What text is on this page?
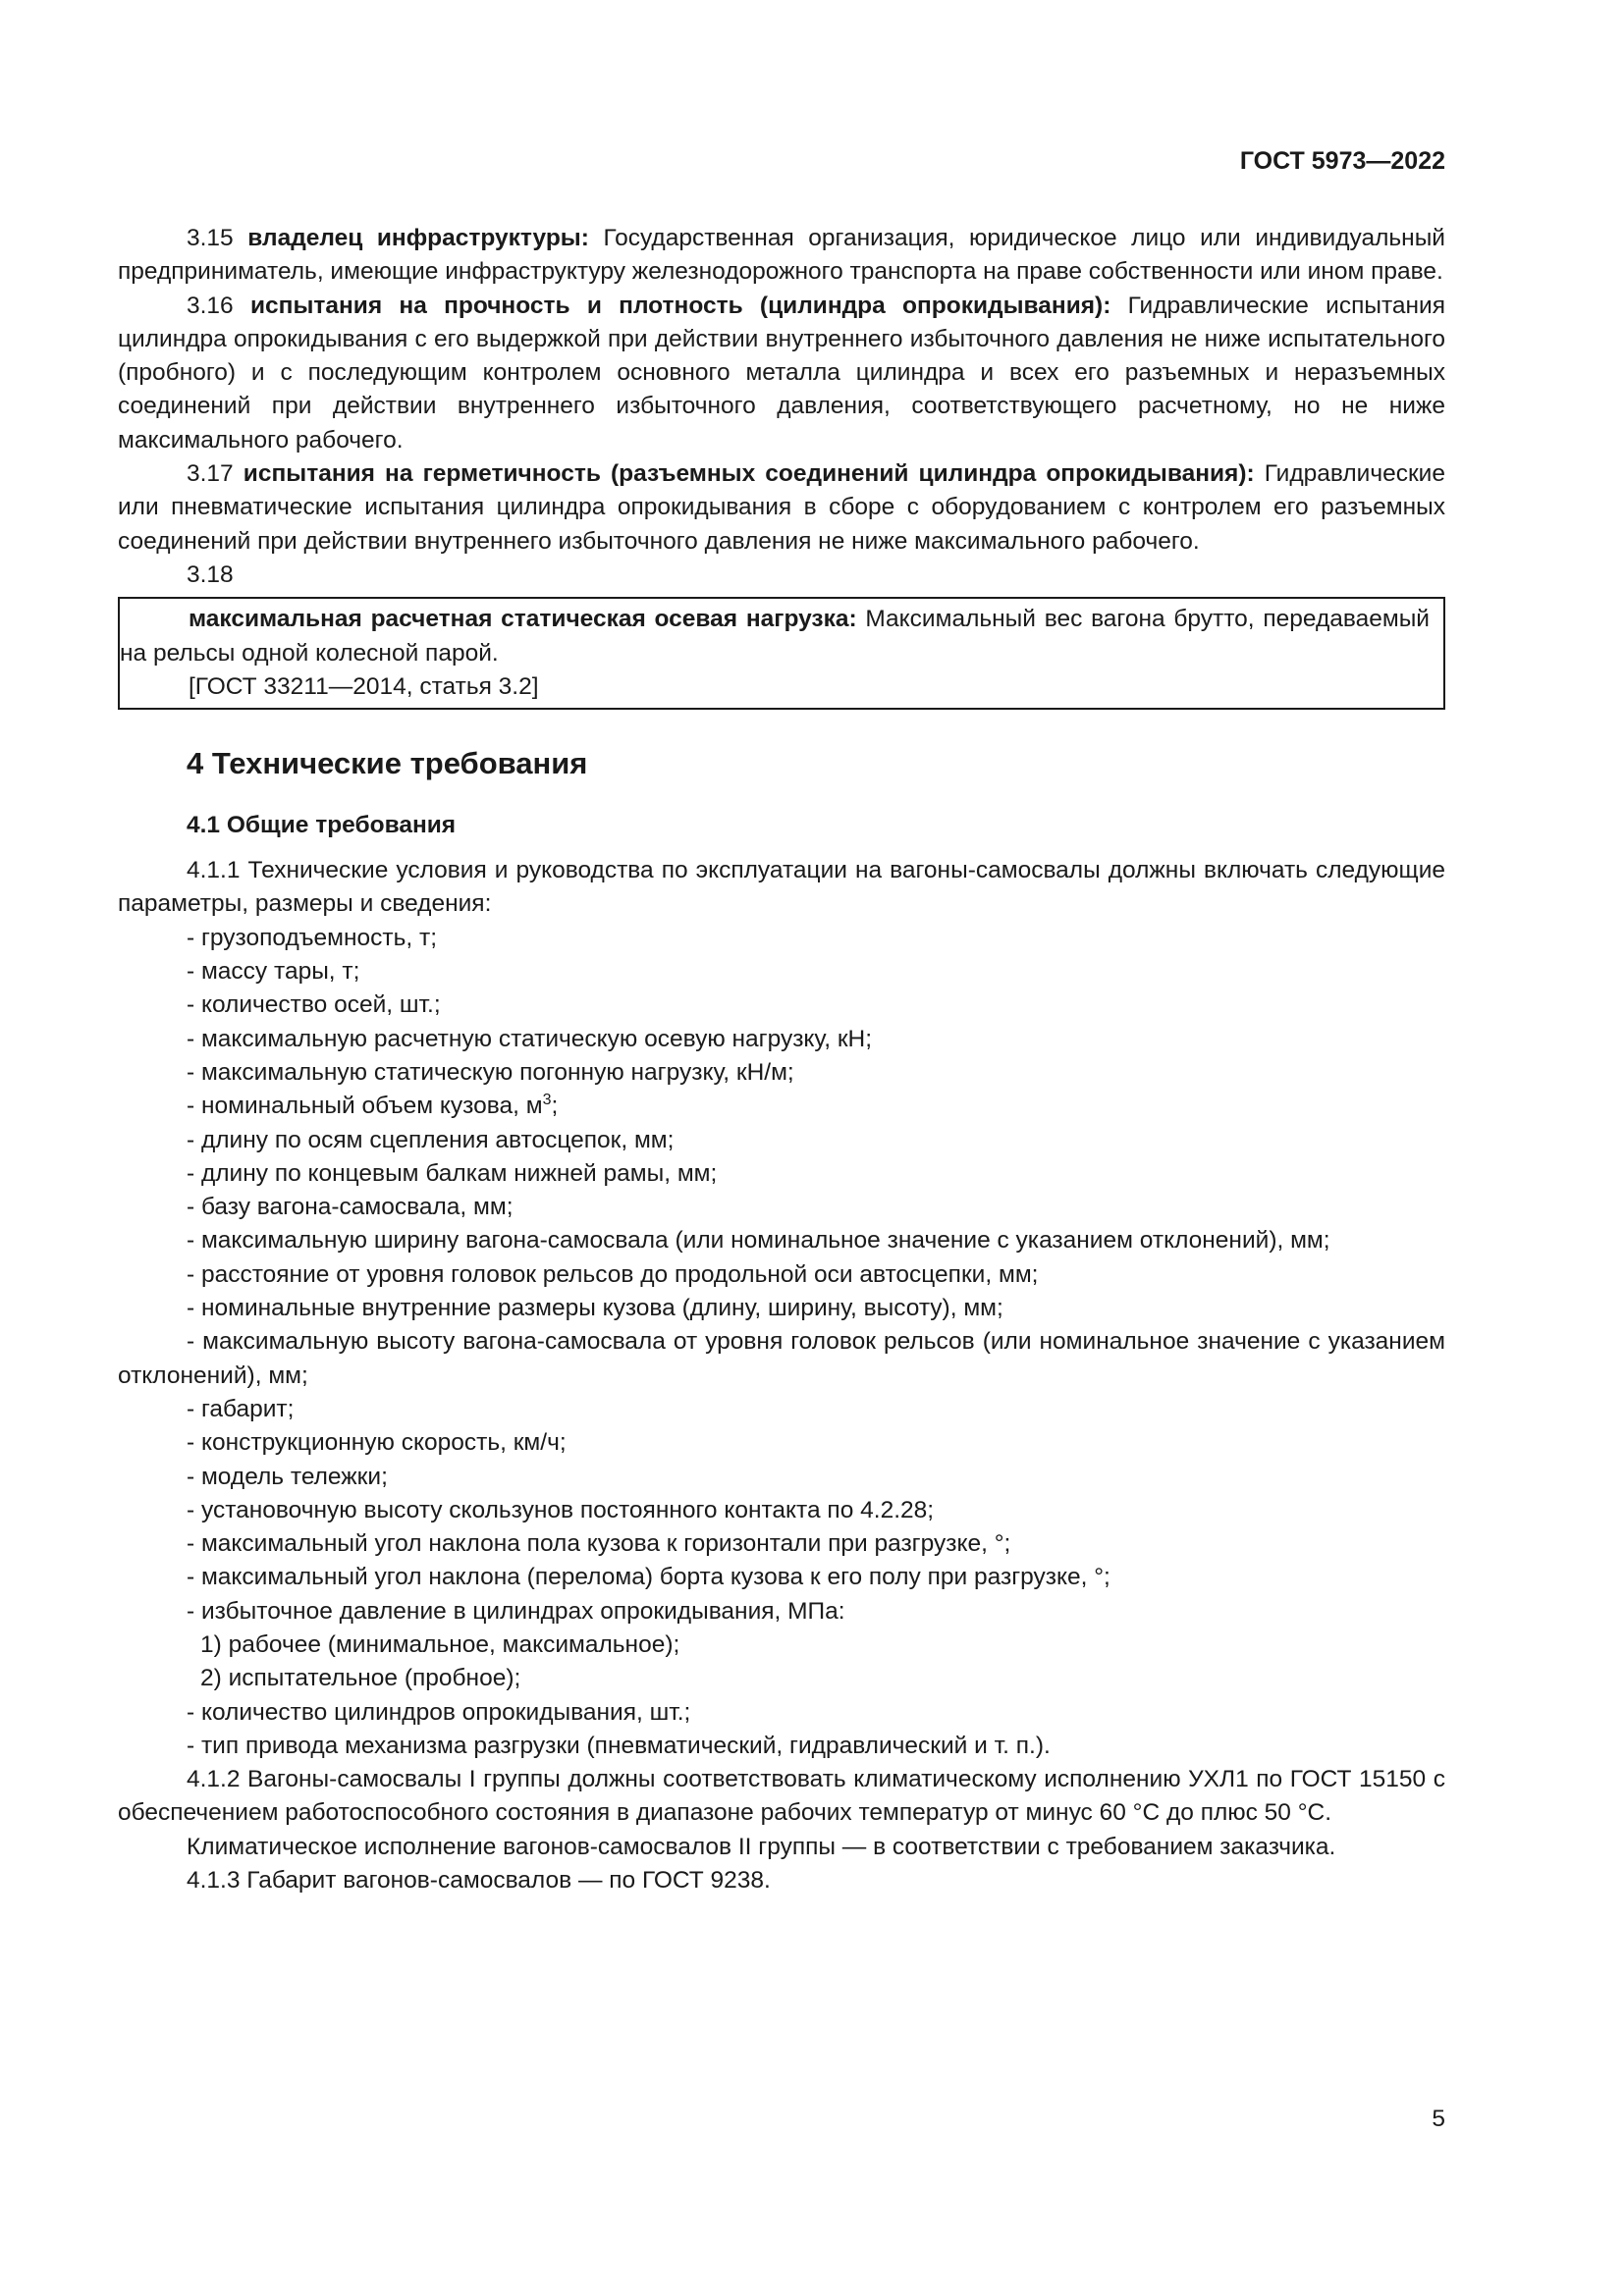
ГОСТ 5973—2022

3.15 владелец инфраструктуры: Государственная организация, юридическое лицо или индивидуальный предприниматель, имеющие инфраструктуру железнодорожного транспорта на праве собственности или ином праве.

3.16 испытания на прочность и плотность (цилиндра опрокидывания): Гидравлические испытания цилиндра опрокидывания с его выдержкой при действии внутреннего избыточного давления не ниже испытательного (пробного) и с последующим контролем основного металла цилиндра и всех его разъемных и неразъемных соединений при действии внутреннего избыточного давления, соответствующего расчетному, но не ниже максимального рабочего.

3.17 испытания на герметичность (разъемных соединений цилиндра опрокидывания): Гидравлические или пневматические испытания цилиндра опрокидывания в сборе с оборудованием с контролем его разъемных соединений при действии внутреннего избыточного давления не ниже максимального рабочего.

3.18

максимальная расчетная статическая осевая нагрузка: Максимальный вес вагона брутто, передаваемый на рельсы одной колесной парой.

[ГОСТ 33211—2014, статья 3.2]

4 Технические требования
4.1 Общие требования

4.1.1 Технические условия и руководства по эксплуатации на вагоны-самосвалы должны включать следующие параметры, размеры и сведения:

- грузоподъемность, т;

- массу тары, т;

- количество осей, шт.;

- максимальную расчетную статическую осевую нагрузку, кН;

- максимальную статическую погонную нагрузку, кН/м;

- номинальный объем кузова, $м^3$;

- длину по осям сцепления автосцепок, мм;

- длину по концевым балкам нижней рамы, мм;

- базу вагона-самосвала, мм;

- максимальную ширину вагона-самосвала (или номинальное значение с указанием отклонений), мм;

- расстояние от уровня головок рельсов до продольной оси автосцепки, мм;

- номинальные внутренние размеры кузова (длину, ширину, высоту), мм;

- максимальную высоту вагона-самосвала от уровня головок рельсов (или номинальное значение с указанием отклонений), мм;

- габарит;

- конструкционную скорость, км/ч;

- модель тележки;

- установочную высоту скользунов постоянного контакта по 4.2.28;

- максимальный угол наклона пола кузова к горизонтали при разгрузке, °;

- максимальный угол наклона (перелома) борта кузова к его полу при разгрузке, °;

- избыточное давление в цилиндрах опрокидывания, МПа:

1) рабочее (минимальное, максимальное);

2) испытательное (пробное);

- количество цилиндров опрокидывания, шт.;

- тип привода механизма разгрузки (пневматический, гидравлический и т. п.).

4.1.2 Вагоны-самосвалы I группы должны соответствовать климатическому исполнению УХЛ1 по ГОСТ 15150 с обеспечением работоспособного состояния в диапазоне рабочих температур от минус 60 °С до плюс 50 °С.

Климатическое исполнение вагонов-самосвалов II группы — в соответствии с требованием заказчика.

4.1.3 Габарит вагонов-самосвалов — по ГОСТ 9238.

5
